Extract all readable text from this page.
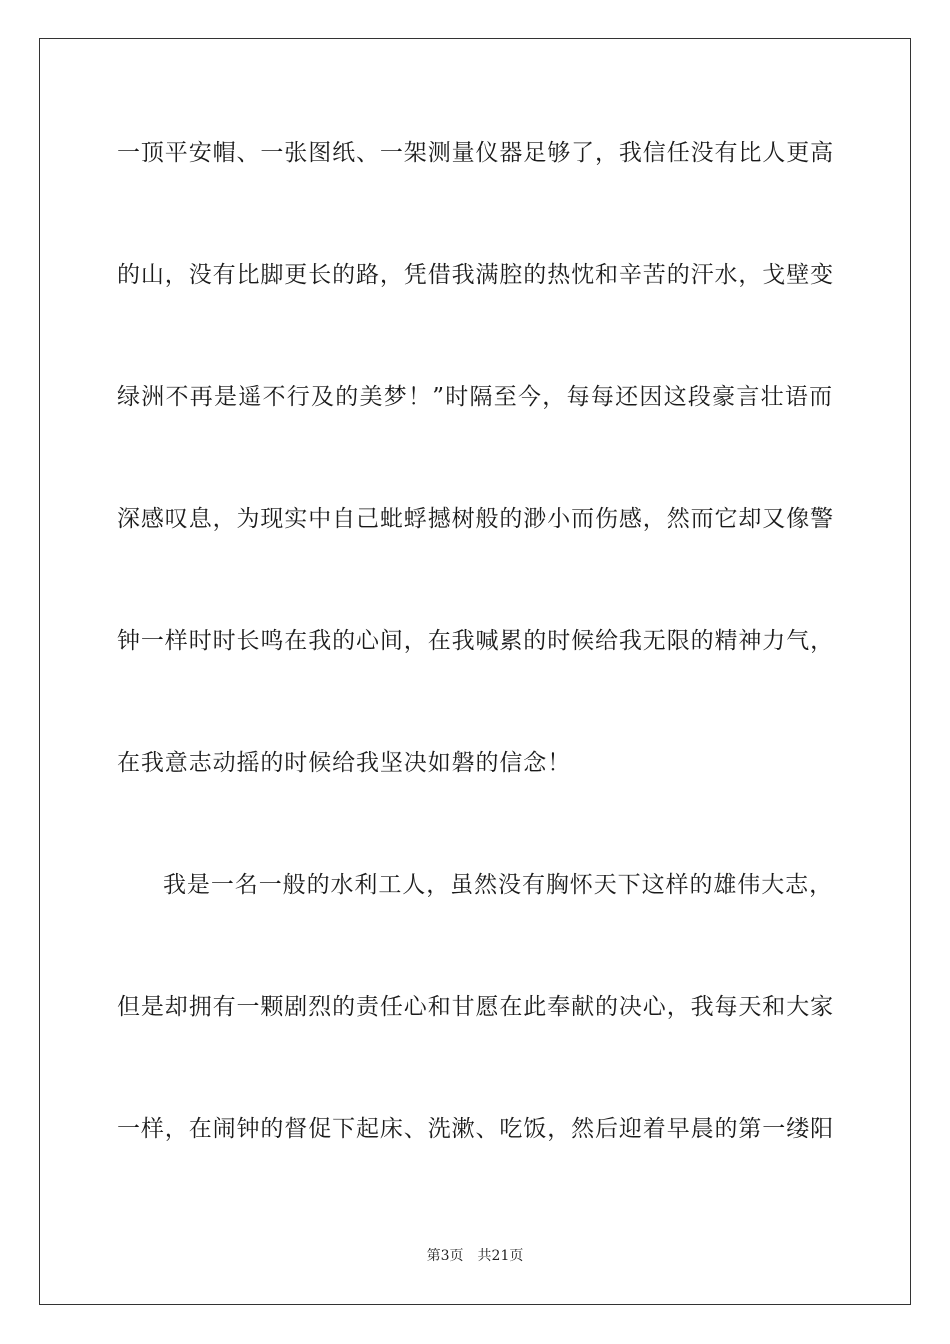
一顶平安帽、一张图纸、一架测量仪器足够了，我信任没有比人更高
的山，没有比脚更长的路，凭借我满腔的热忱和辛苦的汗水，戈壁变
绿洲不再是遥不行及的美梦！”时隔至今，每每还因这段豪言壮语而
深感叹息，为现实中自己蚍蜉撼树般的渺小而伤感，然而它却又像警
钟一样时时长鸣在我的心间，在我喊累的时候给我无限的精神力气，
在我意志动摇的时候给我坚决如磐的信念！
我是一名一般的水利工人，虽然没有胸怀天下这样的雄伟大志，
但是却拥有一颗剧烈的责任心和甘愿在此奉献的决心，我每天和大家
一样，在闹钟的督促下起床、洗漱、吃饭，然后迎着早晨的第一缕阳
第3页 共21页
